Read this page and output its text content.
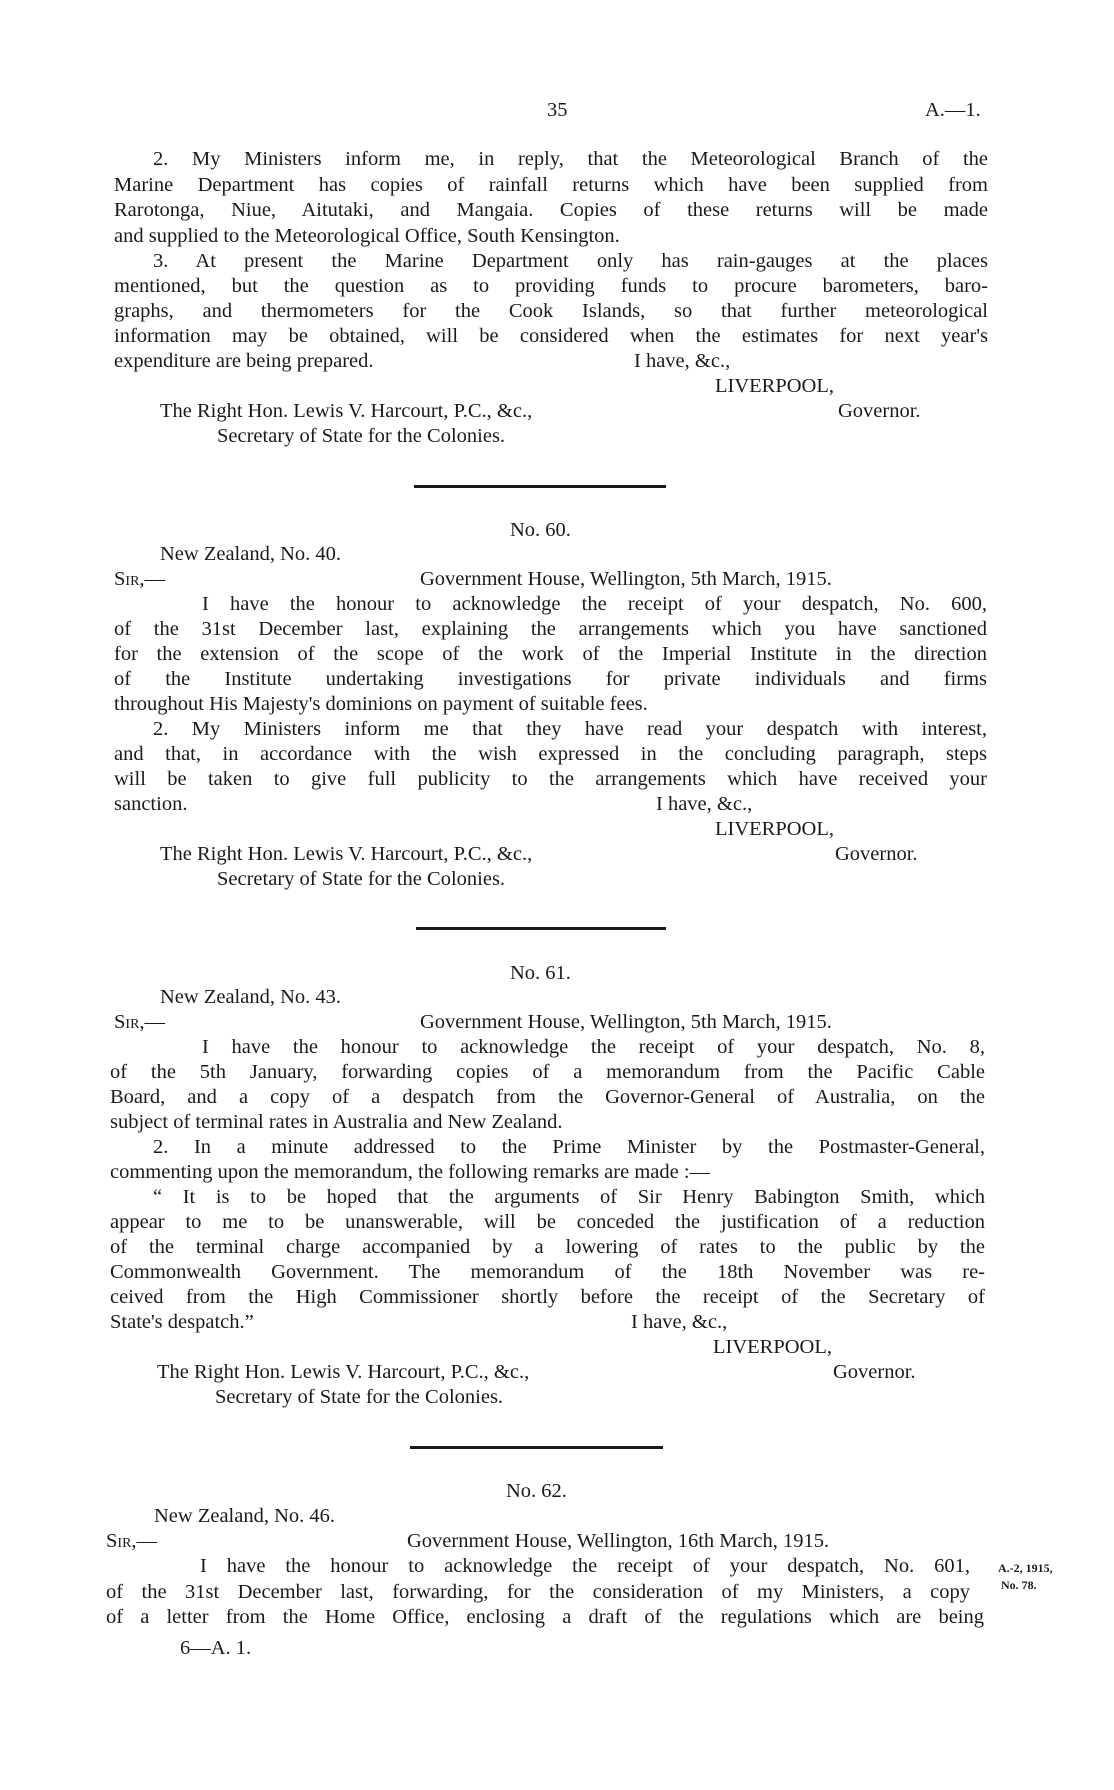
35	A.—1.
2. My Ministers inform me, in reply, that the Meteorological Branch of the
Marine Department has copies of rainfall returns which have been supplied from
Rarotonga, Niue, Aitutaki, and Mangaia. Copies of these returns will be made
and supplied to the Meteorological Office, South Kensington.
3. At present the Marine Department only has rain-gauges at the places
mentioned, but the question as to providing funds to procure barometers, baro-
graphs, and thermometers for the Cook Islands, so that further meteorological
information may be obtained, will be considered when the estimates for next year's
expenditure are being prepared.	I have, &c.,
LIVERPOOL,
The Right Hon. Lewis V. Harcourt, P.C., &c.,	Governor.
Secretary of State for the Colonies.
No. 60.
New Zealand, No. 40.
Sir,—	Government House, Wellington, 5th March, 1915.
I have the honour to acknowledge the receipt of your despatch, No. 600,
of the 31st December last, explaining the arrangements which you have sanctioned
for the extension of the scope of the work of the Imperial Institute in the direction
of the Institute undertaking investigations for private individuals and firms
throughout His Majesty's dominions on payment of suitable fees.
2. My Ministers inform me that they have read your despatch with interest,
and that, in accordance with the wish expressed in the concluding paragraph, steps
will be taken to give full publicity to the arrangements which have received your
sanction.	I have, &c.,
LIVERPOOL,
The Right Hon. Lewis V. Harcourt, P.C., &c.,	Governor.
Secretary of State for the Colonies.
No. 61.
New Zealand, No. 43.
Sir,—	Government House, Wellington, 5th March, 1915.
I have the honour to acknowledge the receipt of your despatch, No. 8,
of the 5th January, forwarding copies of a memorandum from the Pacific Cable
Board, and a copy of a despatch from the Governor-General of Australia, on the
subject of terminal rates in Australia and New Zealand.
2. In a minute addressed to the Prime Minister by the Postmaster-General,
commenting upon the memorandum, the following remarks are made :—
“ It is to be hoped that the arguments of Sir Henry Babington Smith, which
appear to me to be unanswerable, will be conceded the justification of a reduction
of the terminal charge accompanied by a lowering of rates to the public by the
Commonwealth Government. The memorandum of the 18th November was re-
ceived from the High Commissioner shortly before the receipt of the Secretary of
State's despatch.”	I have, &c.,
LIVERPOOL,
The Right Hon. Lewis V. Harcourt, P.C., &c.,	Governor.
Secretary of State for the Colonies.
No. 62.
New Zealand, No. 46.
Sir,—	Government House, Wellington, 16th March, 1915.
I have the honour to acknowledge the receipt of your despatch, No. 601,
of the 31st December last, forwarding, for the consideration of my Ministers, a copy
of a letter from the Home Office, enclosing a draft of the regulations which are being
A.-2, 1915,
No. 78.
6—A. 1.
